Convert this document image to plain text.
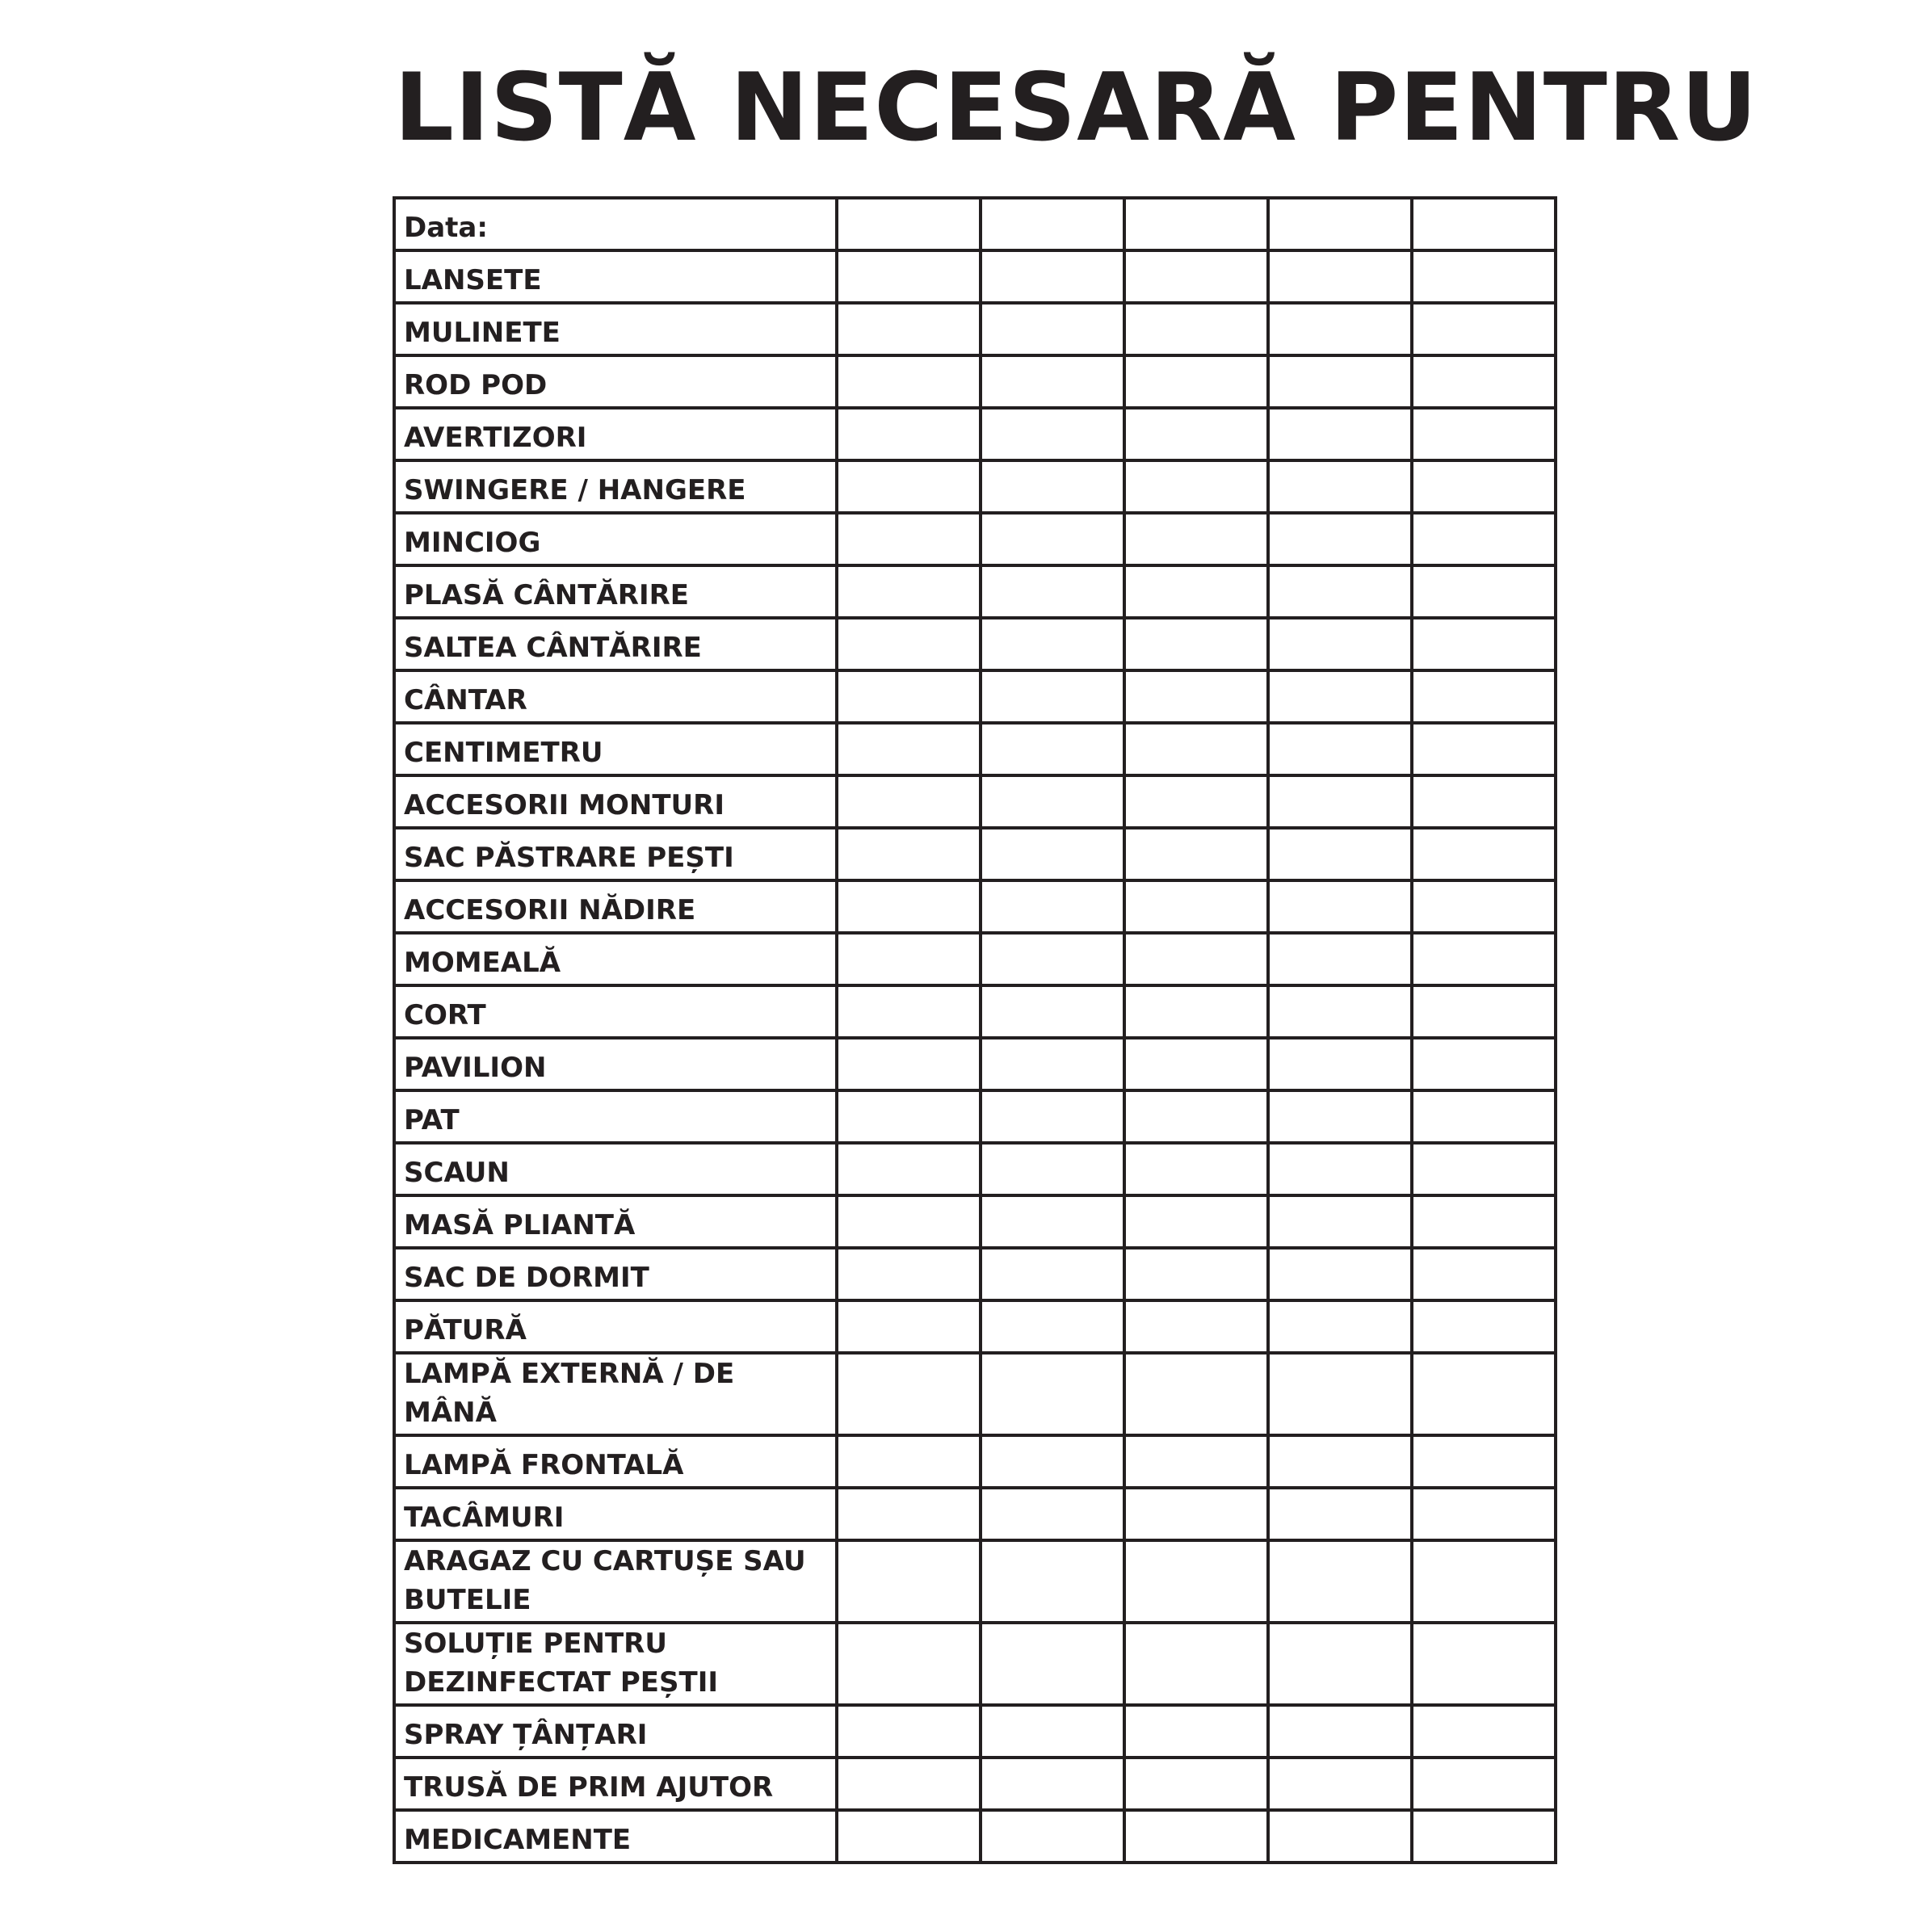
LISTĂ NECESARĂ PENTRU
Data:					

LANSETE					

MULINETE					

ROD POD					

AVERTIZORI					

SWINGERE / HANGERE					

MINCIOG					

PLASĂ CÂNTĂRIRE					

SALTEA CÂNTĂRIRE					

CÂNTAR					

CENTIMETRU					

ACCESORII MONTURI					

SAC PĂSTRARE PEȘTI					

ACCESORII NĂDIRE					

MOMEALĂ					

CORT					

PAVILION					

PAT					

SCAUN					

MASĂ PLIANTĂ					

SAC DE DORMIT					

PĂTURĂ					

LAMPĂ EXTERNĂ / DE MÂNĂ					

LAMPĂ FRONTALĂ					

TACÂMURI					

ARAGAZ CU CARTUȘE SAU BUTELIE					

SOLUȚIE PENTRU DEZINFECTAT PEȘTII					

SPRAY ȚÂNȚARI					

TRUSĂ DE PRIM AJUTOR					

MEDICAMENTE					
